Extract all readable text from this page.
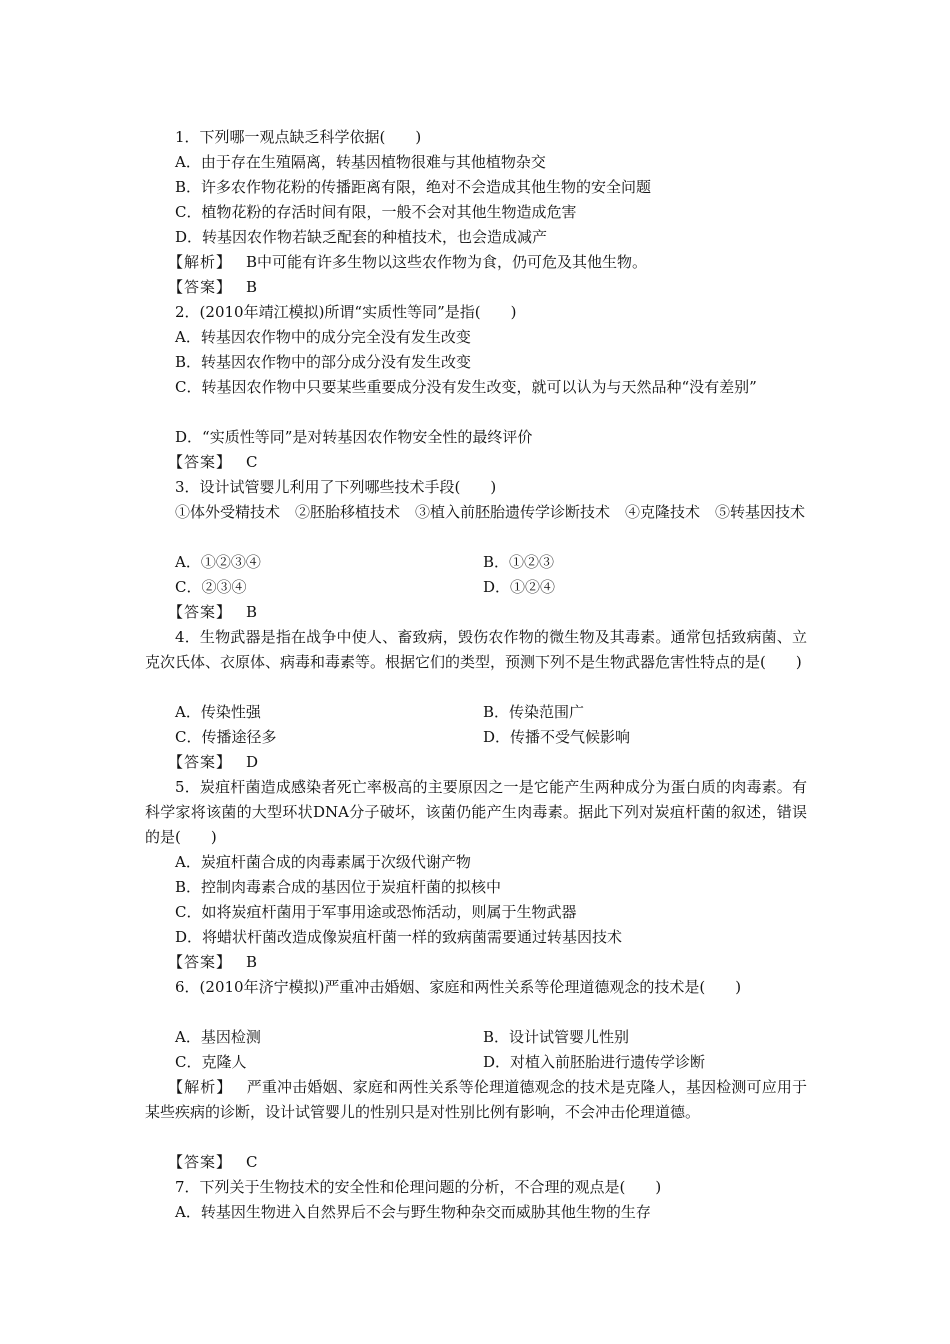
1．下列哪一观点缺乏科学依据(　　)
A．由于存在生殖隔离，转基因植物很难与其他植物杂交
B．许多农作物花粉的传播距离有限，绝对不会造成其他生物的安全问题
C．植物花粉的存活时间有限，一般不会对其他生物造成危害
D．转基因农作物若缺乏配套的种植技术，也会造成减产
【解析】 B中可能有许多生物以这些农作物为食，仍可危及其他生物。
【答案】 B
2．(2010年靖江模拟)所谓“实质性等同”是指(　　)
A．转基因农作物中的成分完全没有发生改变
B．转基因农作物中的部分成分没有发生改变
C．转基因农作物中只要某些重要成分没有发生改变，就可以认为与天然品种“没有差别”
D．“实质性等同”是对转基因农作物安全性的最终评价
【答案】 C
3．设计试管婴儿利用了下列哪些技术手段(　　)
①体外受精技术　②胚胎移植技术　③植入前胚胎遗传学诊断技术　④克隆技术　⑤转基因技术
A．①②③④	B．①②③
C．②③④	D．①②④
【答案】 B
4．生物武器是指在战争中使人、畜致病，毁伤农作物的微生物及其毒素。通常包括致病菌、立克次氏体、衣原体、病毒和毒素等。根据它们的类型，预测下列不是生物武器危害性特点的是(　　)
A．传染性强	B．传染范围广
C．传播途径多	D．传播不受气候影响
【答案】 D
5．炭疽杆菌造成感染者死亡率极高的主要原因之一是它能产生两种成分为蛋白质的肉毒素。有科学家将该菌的大型环状DNA分子破坏，该菌仍能产生肉毒素。据此下列对炭疽杆菌的叙述，错误的是(　　)
A．炭疽杆菌合成的肉毒素属于次级代谢产物
B．控制肉毒素合成的基因位于炭疽杆菌的拟核中
C．如将炭疽杆菌用于军事用途或恐怖活动，则属于生物武器
D．将蜡状杆菌改造成像炭疽杆菌一样的致病菌需要通过转基因技术
【答案】 B
6．(2010年济宁模拟)严重冲击婚姻、家庭和两性关系等伦理道德观念的技术是(　　)
A．基因检测	B．设计试管婴儿性别
C．克隆人	D．对植入前胚胎进行遗传学诊断
【解析】 严重冲击婚姻、家庭和两性关系等伦理道德观念的技术是克隆人，基因检测可应用于某些疾病的诊断，设计试管婴儿的性别只是对性别比例有影响，不会冲击伦理道德。
【答案】 C
7．下列关于生物技术的安全性和伦理问题的分析，不合理的观点是(　　)
A．转基因生物进入自然界后不会与野生物种杂交而威胁其他生物的生存
